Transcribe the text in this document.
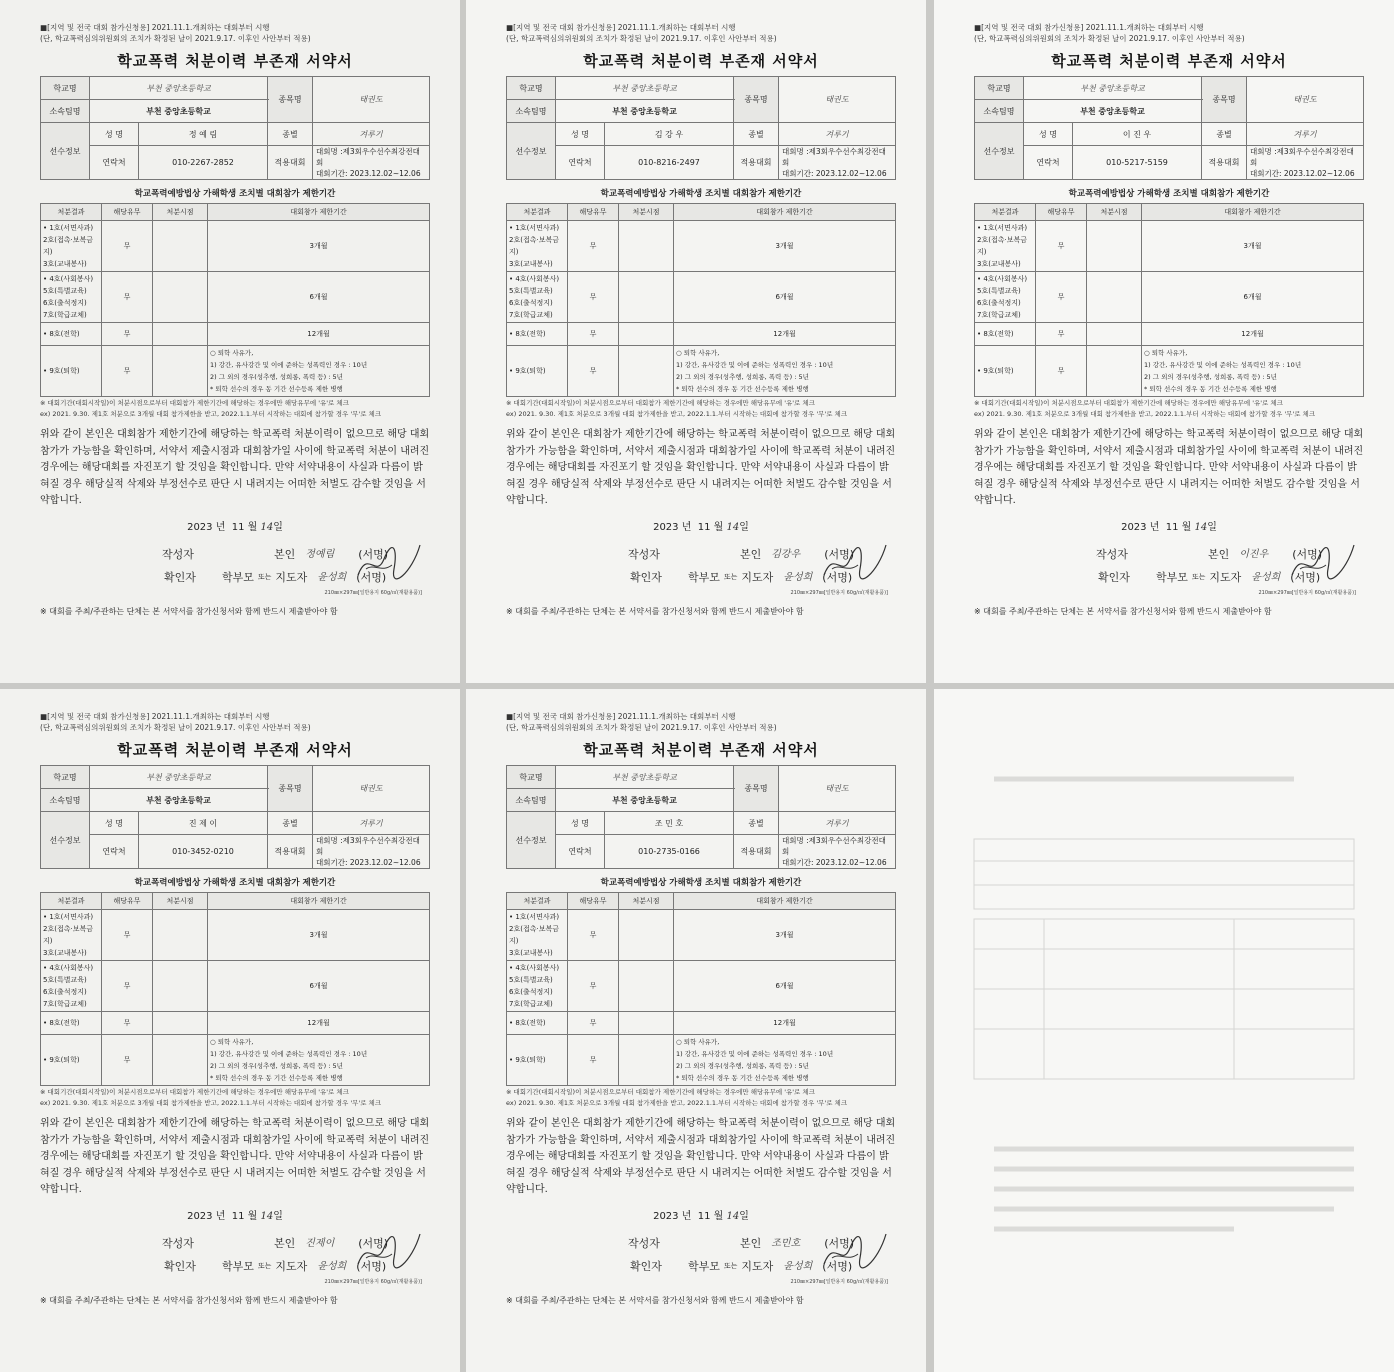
■[지역 및 전국 대회 참가신청용] 2021.11.1.개최하는 대회부터 시행
(단, 학교폭력심의위원회의 조치가 확정된 날이 2021.9.17. 이후인 사안부터 적용)
학교폭력 처분이력 부존재 서약서
학교명	부천 중앙초등학교		종목명	태권도
소속팀명	부천 중앙초등학교			
선수정보	성 명	정 예 림	종별	겨루기
	연락처	010-2267-2852	적용대회	대회명 :제3회우수선수최강전대회
대회기간: 2023.12.02~12.06
학교폭력예방법상 가해학생 조치별 대회참가 제한기간
처분결과	해당유무	처분시점	대회참가 제한기간

• 1호(서면사과)
2호(접촉·보복금지)
3호(교내봉사)	무		3개월

• 4호(사회봉사)
5호(특별교육)
6호(출석정지)
7호(학급교체)	무		6개월

• 8호(전학)	무		12개월

• 9호(퇴학)	무		○ 퇴학 사유가,
1) 강간, 유사강간 및 이에 준하는 성폭력인 경우 : 10년
2) 그 외의 경우(성추행, 성희롱, 폭력 등) : 5년
* 퇴학 선수의 경우 동 기간 선수등록 제한 병행
※ 대회기간(대회시작일)이 처분시점으로부터 대회참가 제한기간에 해당하는 경우에만 해당유무에 '유'로 체크
ex) 2021. 9.30. 제1호 처분으로 3개월 대회 참가제한을 받고, 2022.1.1.부터 시작하는 대회에 참가할 경우 '무'로 체크
위와 같이 본인은 대회참가 제한기간에 해당하는 학교폭력 처분이력이 없으므로 해당 대회 참가가 가능함을 확인하며, 서약서 제출시점과 대회참가일 사이에 학교폭력 처분이 내려진 경우에는 해당대회를 자진포기 할 것임을 확인합니다. 만약 서약내용이 사실과 다름이 밝혀질 경우 해당실적 삭제와 부정선수로 판단 시 내려지는 어떠한 처벌도 감수할 것임을 서약합니다.
2023 년 11 월 14일
작성자	본인 정예림 (서명)
확인자	학부모 또는 지도자 윤성희 (서명)
210㎜×297㎜[일반용지 60g/㎡(재활용품)]
※ 대회를 주최/주관하는 단체는 본 서약서를 참가신청서와 함께 반드시 제출받아야 함
■[지역 및 전국 대회 참가신청용] 2021.11.1.개최하는 대회부터 시행
(단, 학교폭력심의위원회의 조치가 확정된 날이 2021.9.17. 이후인 사안부터 적용)
학교폭력 처분이력 부존재 서약서
학교명	부천 중앙초등학교		종목명	태권도
소속팀명	부천 중앙초등학교			
선수정보	성 명	김 강 우	종별	겨루기
	연락처	010-8216-2497	적용대회	대회명 :제3회우수선수최강전대회
대회기간: 2023.12.02~12.06
학교폭력예방법상 가해학생 조치별 대회참가 제한기간
처분결과	해당유무	처분시점	대회참가 제한기간

• 1호(서면사과)
2호(접촉·보복금지)
3호(교내봉사)	무		3개월

• 4호(사회봉사)
5호(특별교육)
6호(출석정지)
7호(학급교체)	무		6개월

• 8호(전학)	무		12개월

• 9호(퇴학)	무		○ 퇴학 사유가,
1) 강간, 유사강간 및 이에 준하는 성폭력인 경우 : 10년
2) 그 외의 경우(성추행, 성희롱, 폭력 등) : 5년
* 퇴학 선수의 경우 동 기간 선수등록 제한 병행
※ 대회기간(대회시작일)이 처분시점으로부터 대회참가 제한기간에 해당하는 경우에만 해당유무에 '유'로 체크
ex) 2021. 9.30. 제1호 처분으로 3개월 대회 참가제한을 받고, 2022.1.1.부터 시작하는 대회에 참가할 경우 '무'로 체크
위와 같이 본인은 대회참가 제한기간에 해당하는 학교폭력 처분이력이 없으므로 해당 대회 참가가 가능함을 확인하며, 서약서 제출시점과 대회참가일 사이에 학교폭력 처분이 내려진 경우에는 해당대회를 자진포기 할 것임을 확인합니다. 만약 서약내용이 사실과 다름이 밝혀질 경우 해당실적 삭제와 부정선수로 판단 시 내려지는 어떠한 처벌도 감수할 것임을 서약합니다.
2023 년 11 월 14일
작성자	본인 김강우 (서명)
확인자	학부모 또는 지도자 윤성희 (서명)
210㎜×297㎜[일반용지 60g/㎡(재활용품)]
※ 대회를 주최/주관하는 단체는 본 서약서를 참가신청서와 함께 반드시 제출받아야 함
■[지역 및 전국 대회 참가신청용] 2021.11.1.개최하는 대회부터 시행
(단, 학교폭력심의위원회의 조치가 확정된 날이 2021.9.17. 이후인 사안부터 적용)
학교폭력 처분이력 부존재 서약서
학교명	부천 중앙초등학교		종목명	태권도
소속팀명	부천 중앙초등학교			
선수정보	성 명	이 진 우	종별	겨루기
	연락처	010-5217-5159	적용대회	대회명 :제3회우수선수최강전대회
대회기간: 2023.12.02~12.06
학교폭력예방법상 가해학생 조치별 대회참가 제한기간
처분결과	해당유무	처분시점	대회참가 제한기간

• 1호(서면사과)
2호(접촉·보복금지)
3호(교내봉사)	무		3개월

• 4호(사회봉사)
5호(특별교육)
6호(출석정지)
7호(학급교체)	무		6개월

• 8호(전학)	무		12개월

• 9호(퇴학)	무		○ 퇴학 사유가,
1) 강간, 유사강간 및 이에 준하는 성폭력인 경우 : 10년
2) 그 외의 경우(성추행, 성희롱, 폭력 등) : 5년
* 퇴학 선수의 경우 동 기간 선수등록 제한 병행
※ 대회기간(대회시작일)이 처분시점으로부터 대회참가 제한기간에 해당하는 경우에만 해당유무에 '유'로 체크
ex) 2021. 9.30. 제1호 처분으로 3개월 대회 참가제한을 받고, 2022.1.1.부터 시작하는 대회에 참가할 경우 '무'로 체크
위와 같이 본인은 대회참가 제한기간에 해당하는 학교폭력 처분이력이 없으므로 해당 대회 참가가 가능함을 확인하며, 서약서 제출시점과 대회참가일 사이에 학교폭력 처분이 내려진 경우에는 해당대회를 자진포기 할 것임을 확인합니다. 만약 서약내용이 사실과 다름이 밝혀질 경우 해당실적 삭제와 부정선수로 판단 시 내려지는 어떠한 처벌도 감수할 것임을 서약합니다.
2023 년 11 월 14일
작성자	본인 이진우 (서명)
확인자	학부모 또는 지도자 윤성희 (서명)
210㎜×297㎜[일반용지 60g/㎡(재활용품)]
※ 대회를 주최/주관하는 단체는 본 서약서를 참가신청서와 함께 반드시 제출받아야 함
■[지역 및 전국 대회 참가신청용] 2021.11.1.개최하는 대회부터 시행
(단, 학교폭력심의위원회의 조치가 확정된 날이 2021.9.17. 이후인 사안부터 적용)
학교폭력 처분이력 부존재 서약서
학교명	부천 중앙초등학교		종목명	태권도
소속팀명	부천 중앙초등학교			
선수정보	성 명	진 제 이	종별	겨루기
	연락처	010-3452-0210	적용대회	대회명 :제3회우수선수최강전대회
대회기간: 2023.12.02~12.06
학교폭력예방법상 가해학생 조치별 대회참가 제한기간
처분결과	해당유무	처분시점	대회참가 제한기간

• 1호(서면사과)
2호(접촉·보복금지)
3호(교내봉사)	무		3개월

• 4호(사회봉사)
5호(특별교육)
6호(출석정지)
7호(학급교체)	무		6개월

• 8호(전학)	무		12개월

• 9호(퇴학)	무		○ 퇴학 사유가,
1) 강간, 유사강간 및 이에 준하는 성폭력인 경우 : 10년
2) 그 외의 경우(성추행, 성희롱, 폭력 등) : 5년
* 퇴학 선수의 경우 동 기간 선수등록 제한 병행
※ 대회기간(대회시작일)이 처분시점으로부터 대회참가 제한기간에 해당하는 경우에만 해당유무에 '유'로 체크
ex) 2021. 9.30. 제1호 처분으로 3개월 대회 참가제한을 받고, 2022.1.1.부터 시작하는 대회에 참가할 경우 '무'로 체크
위와 같이 본인은 대회참가 제한기간에 해당하는 학교폭력 처분이력이 없으므로 해당 대회 참가가 가능함을 확인하며, 서약서 제출시점과 대회참가일 사이에 학교폭력 처분이 내려진 경우에는 해당대회를 자진포기 할 것임을 확인합니다. 만약 서약내용이 사실과 다름이 밝혀질 경우 해당실적 삭제와 부정선수로 판단 시 내려지는 어떠한 처벌도 감수할 것임을 서약합니다.
2023 년 11 월 14일
작성자	본인 진제이 (서명)
확인자	학부모 또는 지도자 윤성희 (서명)
210㎜×297㎜[일반용지 60g/㎡(재활용품)]
※ 대회를 주최/주관하는 단체는 본 서약서를 참가신청서와 함께 반드시 제출받아야 함
■[지역 및 전국 대회 참가신청용] 2021.11.1.개최하는 대회부터 시행
(단, 학교폭력심의위원회의 조치가 확정된 날이 2021.9.17. 이후인 사안부터 적용)
학교폭력 처분이력 부존재 서약서
학교명	부천 중앙초등학교		종목명	태권도
소속팀명	부천 중앙초등학교			
선수정보	성 명	조 민 호	종별	겨루기
	연락처	010-2735-0166	적용대회	대회명 :제3회우수선수최강전대회
대회기간: 2023.12.02~12.06
학교폭력예방법상 가해학생 조치별 대회참가 제한기간
처분결과	해당유무	처분시점	대회참가 제한기간

• 1호(서면사과)
2호(접촉·보복금지)
3호(교내봉사)	무		3개월

• 4호(사회봉사)
5호(특별교육)
6호(출석정지)
7호(학급교체)	무		6개월

• 8호(전학)	무		12개월

• 9호(퇴학)	무		○ 퇴학 사유가,
1) 강간, 유사강간 및 이에 준하는 성폭력인 경우 : 10년
2) 그 외의 경우(성추행, 성희롱, 폭력 등) : 5년
* 퇴학 선수의 경우 동 기간 선수등록 제한 병행
※ 대회기간(대회시작일)이 처분시점으로부터 대회참가 제한기간에 해당하는 경우에만 해당유무에 '유'로 체크
ex) 2021. 9.30. 제1호 처분으로 3개월 대회 참가제한을 받고, 2022.1.1.부터 시작하는 대회에 참가할 경우 '무'로 체크
위와 같이 본인은 대회참가 제한기간에 해당하는 학교폭력 처분이력이 없으므로 해당 대회 참가가 가능함을 확인하며, 서약서 제출시점과 대회참가일 사이에 학교폭력 처분이 내려진 경우에는 해당대회를 자진포기 할 것임을 확인합니다. 만약 서약내용이 사실과 다름이 밝혀질 경우 해당실적 삭제와 부정선수로 판단 시 내려지는 어떠한 처벌도 감수할 것임을 서약합니다.
2023 년 11 월 14일
작성자	본인 조민호 (서명)
확인자	학부모 또는 지도자 윤성희 (서명)
210㎜×297㎜[일반용지 60g/㎡(재활용품)]
※ 대회를 주최/주관하는 단체는 본 서약서를 참가신청서와 함께 반드시 제출받아야 함
